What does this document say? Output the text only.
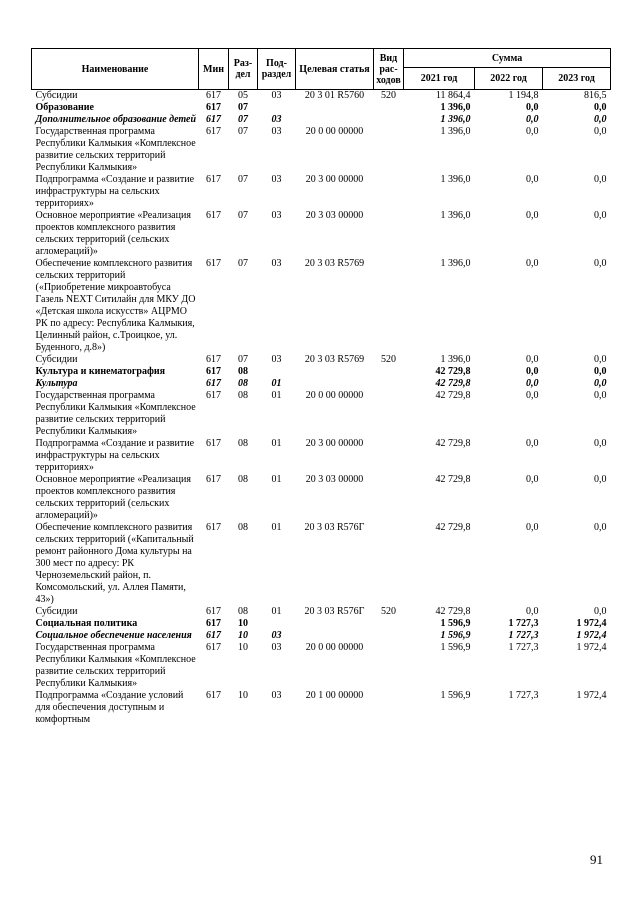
Наименование	Мин	Раз-дел	Под-раздел	Целевая статья	Вид рас-ходов	Сумма		
						2021 год	2022 год	2023 год
Субсидии	617	05	03	20 3 01 R5760	520	11 864,4	1 194,8	816,5
Образование	617	07				1 396,0	0,0	0,0
Дополнительное образование детей	617	07	03			1 396,0	0,0	0,0
Государственная программа Республики Калмыкия «Комплексное развитие сельских территорий Республики Калмыкия»	617	07	03	20 0 00 00000		1 396,0	0,0	0,0
Подпрограмма «Создание и развитие инфраструктуры на сельских территориях»	617	07	03	20 3 00 00000		1 396,0	0,0	0,0
Основное мероприятие «Реализация проектов комплексного развития сельских территорий (сельских агломераций)»	617	07	03	20 3 03 00000		1 396,0	0,0	0,0
Обеспечение комплексного развития сельских территорий («Приобретение микроавтобуса Газель NEXT Ситилайн для МКУ ДО «Детская школа искусств» АЦРМО РК по адресу: Республика Калмыкия, Целинный район, с.Троицкое, ул. Буденного, д.8»)	617	07	03	20 3 03 R5769		1 396,0	0,0	0,0
Субсидии	617	07	03	20 3 03 R5769	520	1 396,0	0,0	0,0
Культура и кинематография	617	08				42 729,8	0,0	0,0
Культура	617	08	01			42 729,8	0,0	0,0
Государственная программа Республики Калмыкия «Комплексное развитие сельских территорий Республики Калмыкия»	617	08	01	20 0 00 00000		42 729,8	0,0	0,0
Подпрограмма «Создание и развитие инфраструктуры на сельских территориях»	617	08	01	20 3 00 00000		42 729,8	0,0	0,0
Основное мероприятие «Реализация проектов комплексного развития сельских территорий (сельских агломераций)»	617	08	01	20 3 03 00000		42 729,8	0,0	0,0
Обеспечение комплексного развития сельских территорий («Капитальный ремонт районного Дома культуры на 300 мест по адресу: РК Черноземельский район, п. Комсомольский, ул. Аллея Памяти, 43»)	617	08	01	20 3 03 R576Г		42 729,8	0,0	0,0
Субсидии	617	08	01	20 3 03 R576Г	520	42 729,8	0,0	0,0
Социальная политика	617	10				1 596,9	1 727,3	1 972,4
Социальное обеспечение населения	617	10	03			1 596,9	1 727,3	1 972,4
Государственная программа Республики Калмыкия «Комплексное развитие сельских территорий Республики Калмыкия»	617	10	03	20 0 00 00000		1 596,9	1 727,3	1 972,4
Подпрограмма «Создание условий для обеспечения доступным и комфортным	617	10	03	20 1 00 00000		1 596,9	1 727,3	1 972,4
91
